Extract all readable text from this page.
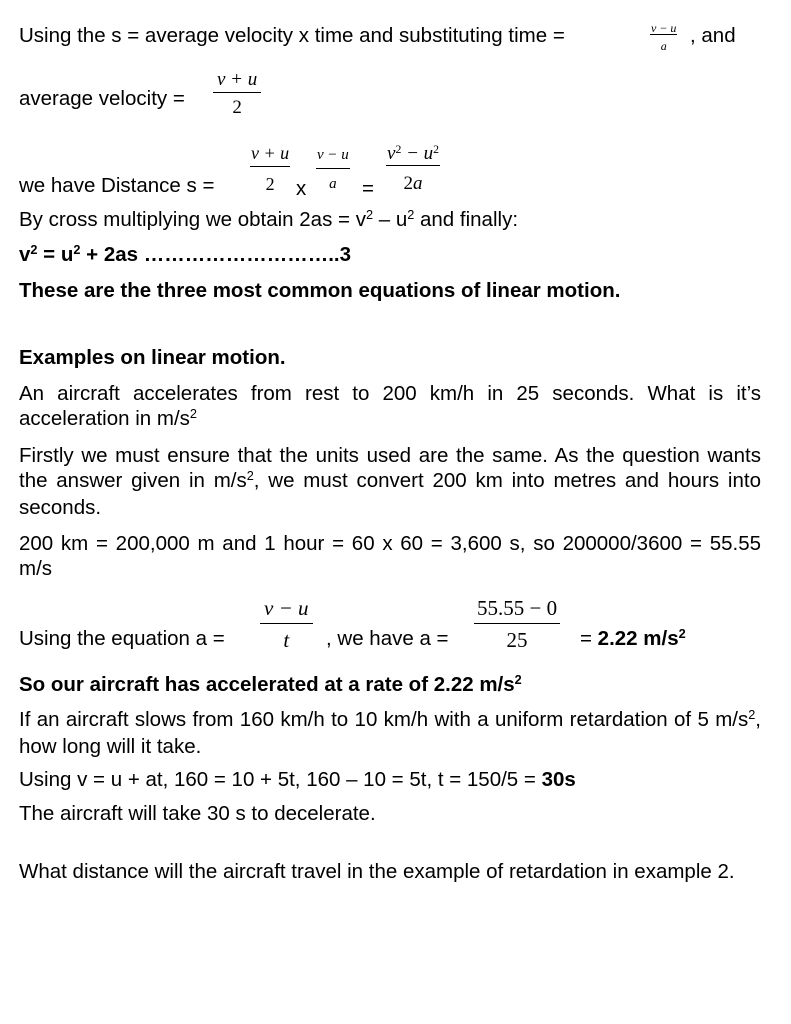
Using the s = average velocity x time and substituting time =	v − u
a , and
average velocity =
v + u
2
we have Distance s =
v + u
2 x
v − u
a =
$v^2 - u^2$
2a
By cross multiplying we obtain $2as = v^2 - u^2$ and finally:
$v^2 = u^2 + 2as$ ………………………..3
These are the three most common equations of linear motion.
Examples on linear motion.
An aircraft accelerates from rest to 200 km/h in 25 seconds. What is it’s acceleration in $m/s^2$
Firstly we must ensure that the units used are the same. As the question wants the answer given in $m/s^2$, we must convert 200 km into metres and hours into seconds.
200 km = 200,000 m and 1 hour = 60 x 60 = 3,600 s, so 200000/3600 = 55.55 m/s
Using the equation a =
v − u
t , we have a =
55.55 − 0
25	= 2.22 $m/s^2$
So our aircraft has accelerated at a rate of 2.22 $m/s^2$
If an aircraft slows from 160 km/h to 10 km/h with a uniform retardation of 5 $m/s^2$, how long will it take.
Using v = u + at, 160 = 10 + 5t, 160 – 10 = 5t, t = 150/5 = 30s
The aircraft will take 30 s to decelerate.
What distance will the aircraft travel in the example of retardation in example 2.
